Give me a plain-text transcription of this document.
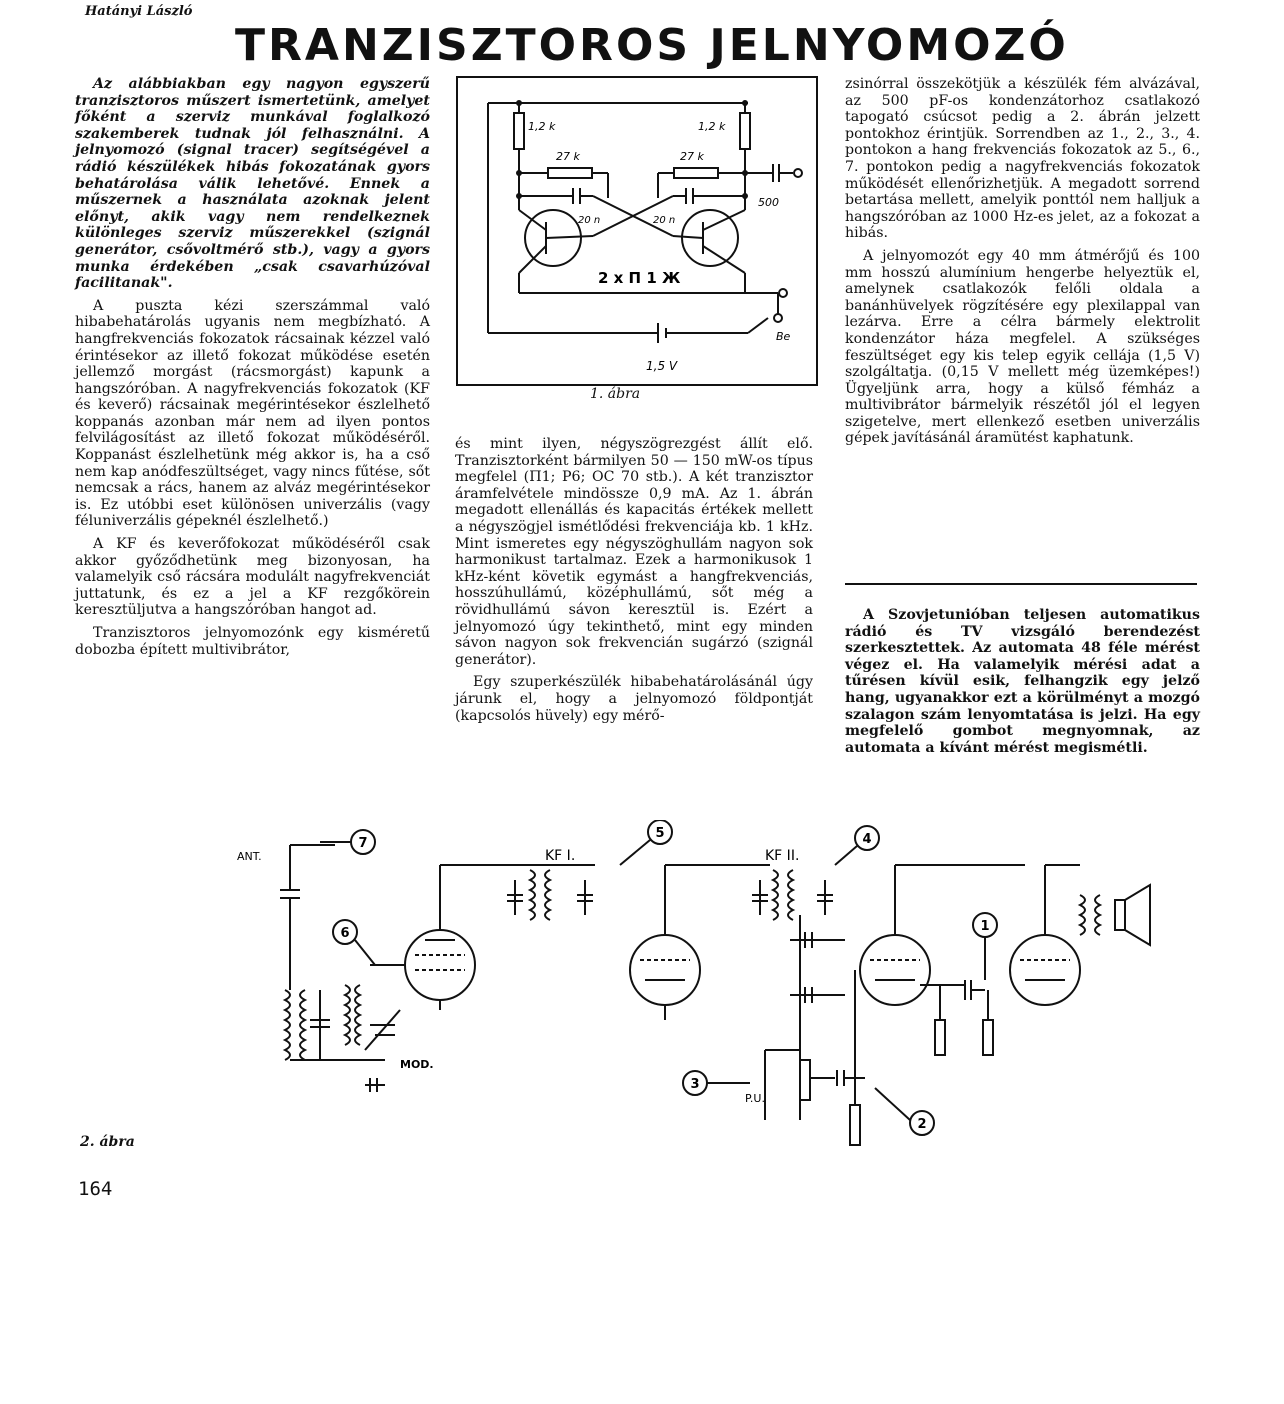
Hatányi László
TRANZISZTOROS JELNYOMOZÓ

Az alábbiakban egy nagyon egyszerű tranzisztoros műszert ismertetünk, amelyet főként a szerviz munkával foglalkozó szakemberek tudnak jól felhasználni. A jelnyomozó (signal tracer) segítségével a rádió készülékek hibás fokozatának gyors behatárolása válik lehetővé. Ennek a műszernek a használata azoknak jelent előnyt, akik vagy nem rendelkeznek különleges szerviz műszerekkel (szignál generátor, csővoltmérő stb.), vagy a gyors munka érdekében „csak csavarhúzóval facilitanak".

A puszta kézi szerszámmal való hibabehatárolás ugyanis nem megbízható. A hangfrekvenciás fokozatok rácsainak kézzel való érintésekor az illető fokozat működése esetén jellemző morgást (rácsmorgást) kapunk a hangszóróban. A nagyfrekvenciás fokozatok (KF és keverő) rácsainak megérintésekor észlelhető koppanás azonban már nem ad ilyen pontos felvilágosítást az illető fokozat működéséről. Koppanást észlelhetünk még akkor is, ha a cső nem kap anódfeszültséget, vagy nincs fűtése, sőt nemcsak a rács, hanem az alváz megérintésekor is. Ez utóbbi eset különösen univerzális (vagy féluniverzális gépeknél észlelhető.)

A KF és keverőfokozat működéséről csak akkor győződhetünk meg bizonyosan, ha valamelyik cső rácsára modulált nagyfrekvenciát juttatunk, és ez a jel a KF rezgőkörein keresztüljutva a hangszóróban hangot ad.

Tranzisztoros jelnyomozónk egy kisméretű dobozba épített multivibrátor,

1,2 k	1,2 k
27 k	27 k
20 n	20 n
500
2 x П 1 Ж
Be
1,5 V
1. ábra

és mint ilyen, négyszögrezgést állít elő. Tranzisztorként bármilyen 50 — 150 mW-os típus megfelel (П1; P6; OC 70 stb.). A két tranzisztor áramfelvétele mindössze 0,9 mA. Az 1. ábrán megadott ellenállás és kapacitás értékek mellett a négyszögjel ismétlődési frekvenciája kb. 1 kHz. Mint ismeretes egy négyszöghullám nagyon sok harmonikust tartalmaz. Ezek a harmonikusok 1 kHz-ként követik egymást a hangfrekvenciás, hosszúhullámú, középhullámú, sőt még a rövidhullámú sávon keresztül is. Ezért a jelnyomozó úgy tekinthető, mint egy minden sávon nagyon sok frekvencián sugárzó (szignál generátor).

Egy szuperkészülék hibabehatárolásánál úgy járunk el, hogy a jelnyomozó földpontját (kapcsolós hüvely) egy mérő-

zsinórral összekötjük a készülék fém alvázával, az 500 pF-os kondenzátorhoz csatlakozó tapogató csúcsot pedig a 2. ábrán jelzett pontokhoz érintjük. Sorrendben az 1., 2., 3., 4. pontokon a hang frekvenciás fokozatok az 5., 6., 7. pontokon pedig a nagyfrekvenciás fokozatok működését ellenőrizhetjük. A megadott sorrend betartása mellett, amelyik ponttól nem halljuk a hangszóróban az 1000 Hz-es jelet, az a fokozat a hibás.

A jelnyomozót egy 40 mm átmérőjű és 100 mm hosszú alumínium hengerbe helyeztük el, amelynek csatlakozók felőli oldala a banánhüvelyek rögzítésére egy plexilappal van lezárva. Erre a célra bármely elektrolit kondenzátor háza megfelel. A szükséges feszültséget egy kis telep egyik cellája (1,5 V) szolgáltatja. (0,15 V mellett még üzemképes!) Ügyeljünk arra, hogy a külső fémház a multivibrátor bármelyik részétől jól el legyen szigetelve, mert ellenkező esetben univerzális gépek javításánál áramütést kaphatunk.

A Szovjetunióban teljesen automatikus rádió és TV vizsgáló berendezést szerkesztettek. Az automata 48 féle mérést végez el. Ha valamelyik mérési adat a tűrésen kívül esik, felhangzik egy jelző hang, ugyanakkor ezt a körülményt a mozgó szalagon szám lenyomtatása is jelzi. Ha egy megfelelő gombot megnyomnak, az automata a kívánt mérést megismétli.

7
6
5	4
1
2
3
ANT.	KF I.	KF II.
MOD.
P.U.
2. ábra
164
